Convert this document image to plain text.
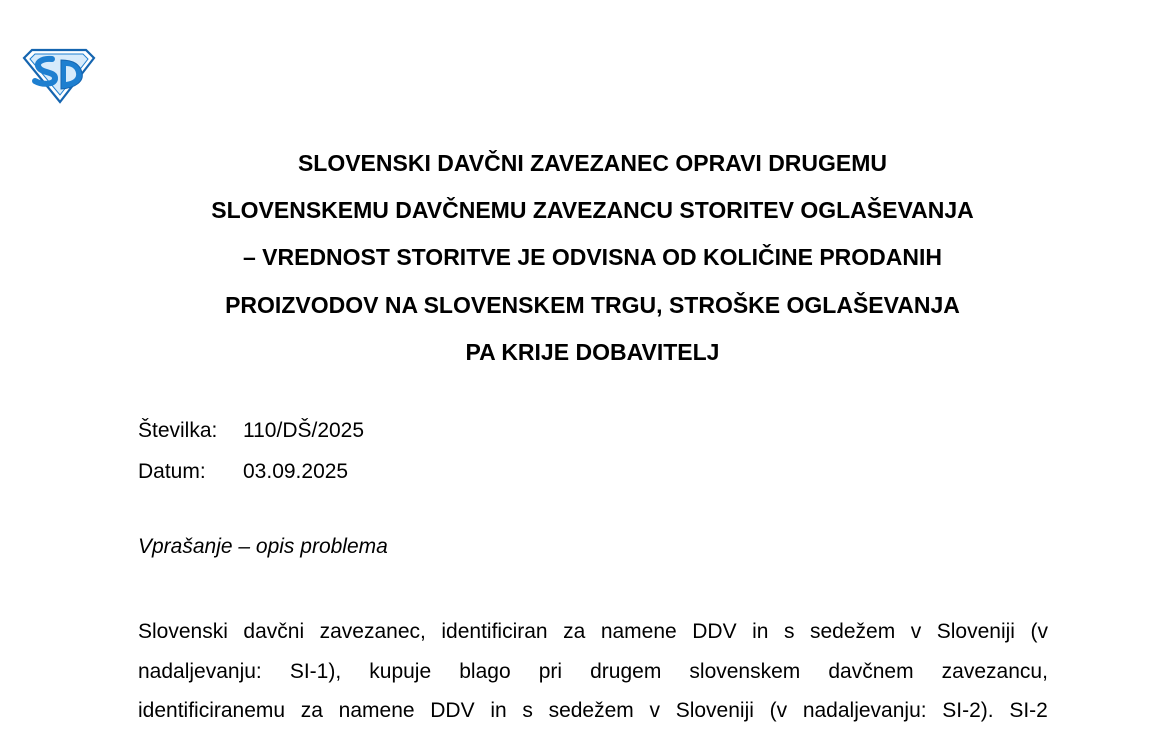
SLOVENSKI DAVČNI ZAVEZANEC OPRAVI DRUGEMU
SLOVENSKEMU DAVČNEMU ZAVEZANCU STORITEV OGLAŠEVANJA
– VREDNOST STORITVE JE ODVISNA OD KOLIČINE PRODANIH
PROIZVODOV NA SLOVENSKEM TRGU, STROŠKE OGLAŠEVANJA
PA KRIJE DOBAVITELJ
Številka:	110/DŠ/2025
Datum:	03.09.2025
Vprašanje – opis problema
Slovenski davčni zavezanec, identificiran za namene DDV in s sedežem v Sloveniji (v
nadaljevanju: SI-1), kupuje blago pri drugem slovenskem davčnem zavezancu,
identificiranemu za namene DDV in s sedežem v Sloveniji (v nadaljevanju: SI-2). SI-2
